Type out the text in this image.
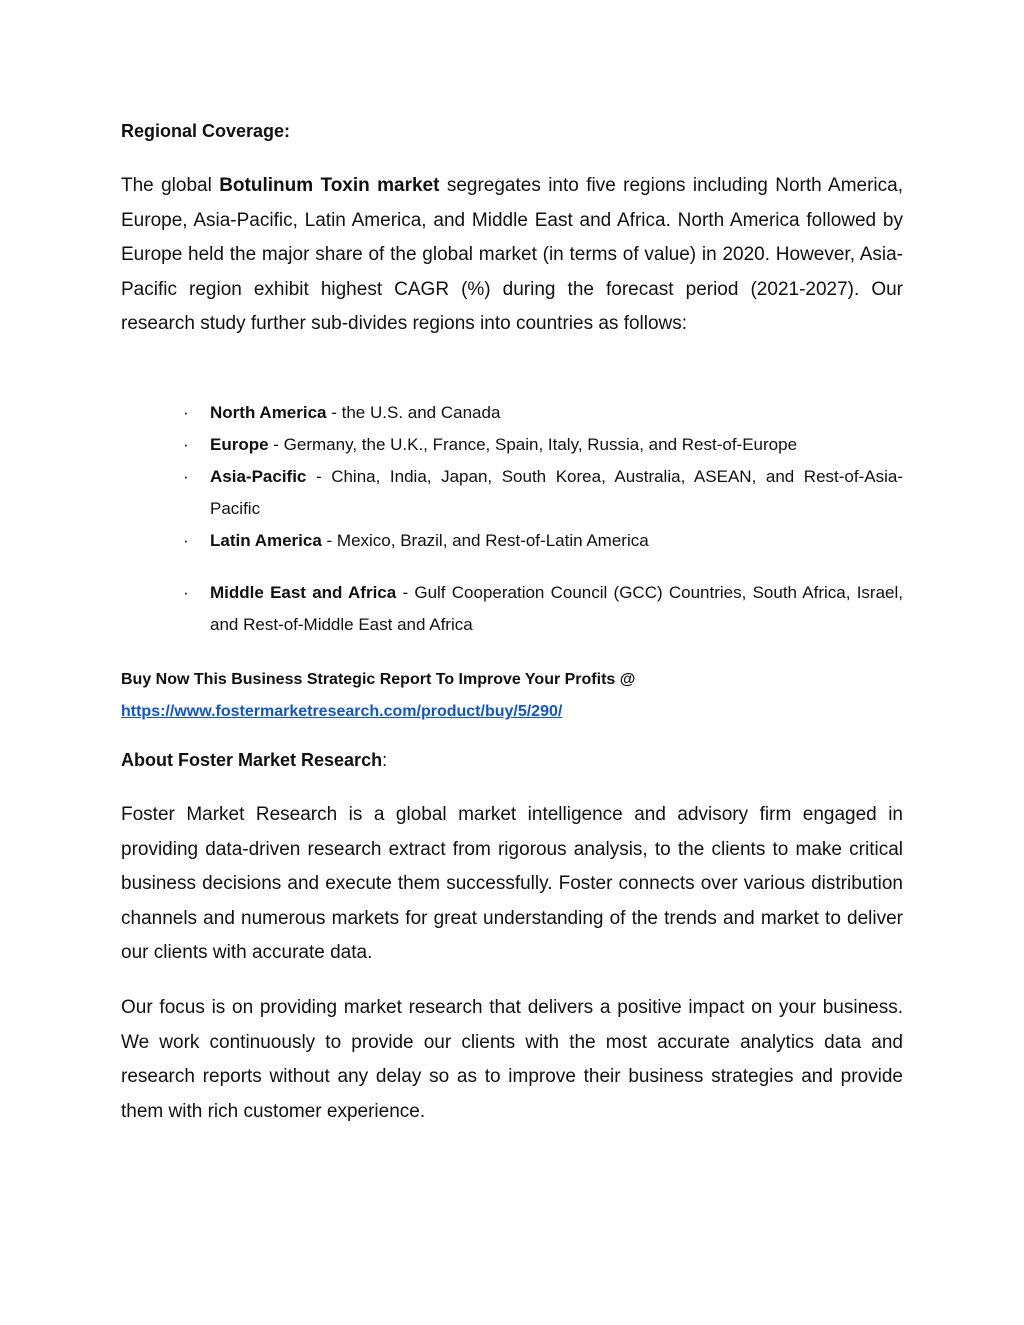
Regional Coverage:

The global Botulinum Toxin market segregates into five regions including North America, Europe, Asia-Pacific, Latin America, and Middle East and Africa. North America followed by Europe held the major share of the global market (in terms of value) in 2020. However, Asia-Pacific region exhibit highest CAGR (%) during the forecast period (2021-2027). Our research study further sub-divides regions into countries as follows:

· North America - the U.S. and Canada
· Europe - Germany, the U.K., France, Spain, Italy, Russia, and Rest-of-Europe
· Asia-Pacific - China, India, Japan, South Korea, Australia, ASEAN, and Rest-of-Asia-Pacific
· Latin America - Mexico, Brazil, and Rest-of-Latin America
· Middle East and Africa - Gulf Cooperation Council (GCC) Countries, South Africa, Israel, and Rest-of-Middle East and Africa

Buy Now This Business Strategic Report To Improve Your Profits @
https://www.fostermarketresearch.com/product/buy/5/290/

About Foster Market Research:

Foster Market Research is a global market intelligence and advisory firm engaged in providing data-driven research extract from rigorous analysis, to the clients to make critical business decisions and execute them successfully. Foster connects over various distribution channels and numerous markets for great understanding of the trends and market to deliver our clients with accurate data.

Our focus is on providing market research that delivers a positive impact on your business. We work continuously to provide our clients with the most accurate analytics data and research reports without any delay so as to improve their business strategies and provide them with rich customer experience.
